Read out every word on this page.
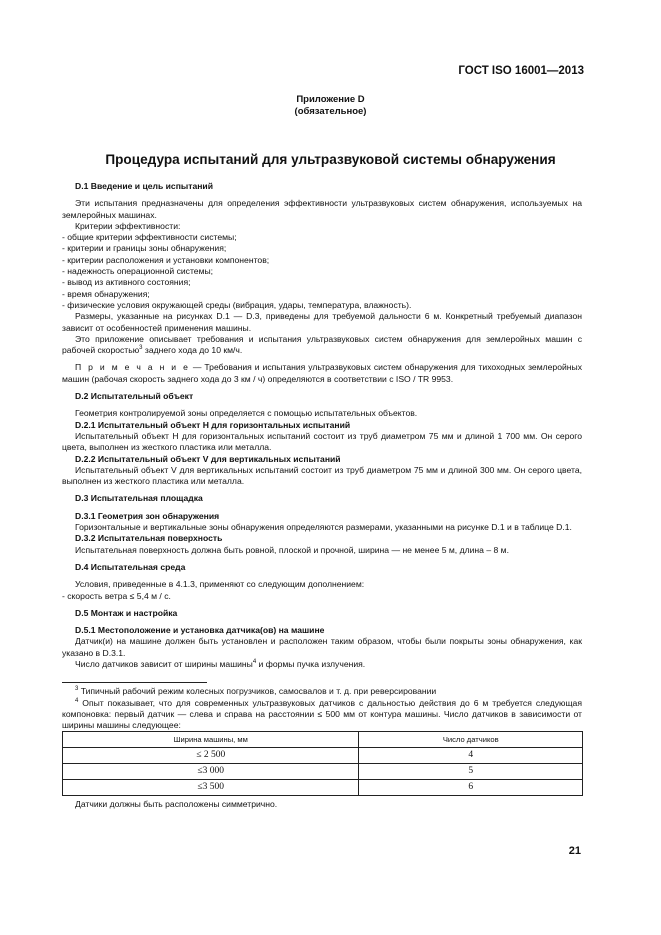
ГОСТ ISO 16001—2013
Приложение D
(обязательное)
Процедура испытаний для ультразвуковой системы обнаружения

D.1 Введение и цель испытаний

Эти испытания предназначены для определения эффективности ультразвуковых систем обнаружения, используемых на землеройных машинах.

Критерии эффективности:

- общие критерии эффективности системы;

- критерии и границы зоны обнаружения;

- критерии расположения и установки компонентов;

- надежность операционной системы;

- вывод из активного состояния;

- время обнаружения;

- физические условия окружающей среды (вибрация, удары, температура, влажность).

Размеры, указанные на рисунках D.1 — D.3, приведены для требуемой дальности 6 м. Конкретный требуемый диапазон зависит от особенностей применения машины.

Это приложение описывает требования и испытания ультразвуковых систем обнаружения для землеройных машин с рабочей скоростью$^3$ заднего хода до 10 км/ч.

П р и м е ч а н и е — Требования и испытания ультразвуковых систем обнаружения для тихоходных землеройных машин (рабочая скорость заднего хода до 3 км / ч) определяются в соответствии с ISO / TR 9953.

D.2 Испытательный объект

Геометрия контролируемой зоны определяется с помощью испытательных объектов.

D.2.1 Испытательный объект H для горизонтальных испытаний

Испытательный объект H для горизонтальных испытаний состоит из труб диаметром 75 мм и длиной 1 700 мм. Он серого цвета, выполнен из жесткого пластика или металла.

D.2.2 Испытательный объект V для вертикальных испытаний

Испытательный объект V для вертикальных испытаний состоит из труб диаметром 75 мм и длиной 300 мм. Он серого цвета, выполнен из жесткого пластика или металла.

D.3 Испытательная площадка

D.3.1 Геометрия зон обнаружения

Горизонтальные и вертикальные зоны обнаружения определяются размерами, указанными на рисунке D.1 и в таблице D.1.

D.3.2 Испытательная поверхность

Испытательная поверхность должна быть ровной, плоской и прочной, ширина — не менее 5 м, длина – 8 м.

D.4 Испытательная среда

Условия, приведенные в 4.1.3, применяют со следующим дополнением:

- скорость ветра ≤ 5,4 м / с.

D.5 Монтаж и настройка

D.5.1 Местоположение и установка датчика(ов) на машине

Датчик(и) на машине должен быть установлен и расположен таким образом, чтобы были покрыты зоны обнаружения, как указано в D.3.1.

Число датчиков зависит от ширины машины$^4$ и формы пучка излучения.

$^3$ Типичный рабочий режим колесных погрузчиков, самосвалов и т. д. при реверсировании

$^4$ Опыт показывает, что для современных ультразвуковых датчиков с дальностью действия до 6 м требуется следующая компоновка: первый датчик — слева и справа на расстоянии ≤ 500 мм от контура машины. Число датчиков в зависимости от ширины машины следующее:

Ширина машины, мм	Число датчиков
≤ 2 500	4
≤3 000	5
≤3 500	6

Датчики должны быть расположены симметрично.

21
